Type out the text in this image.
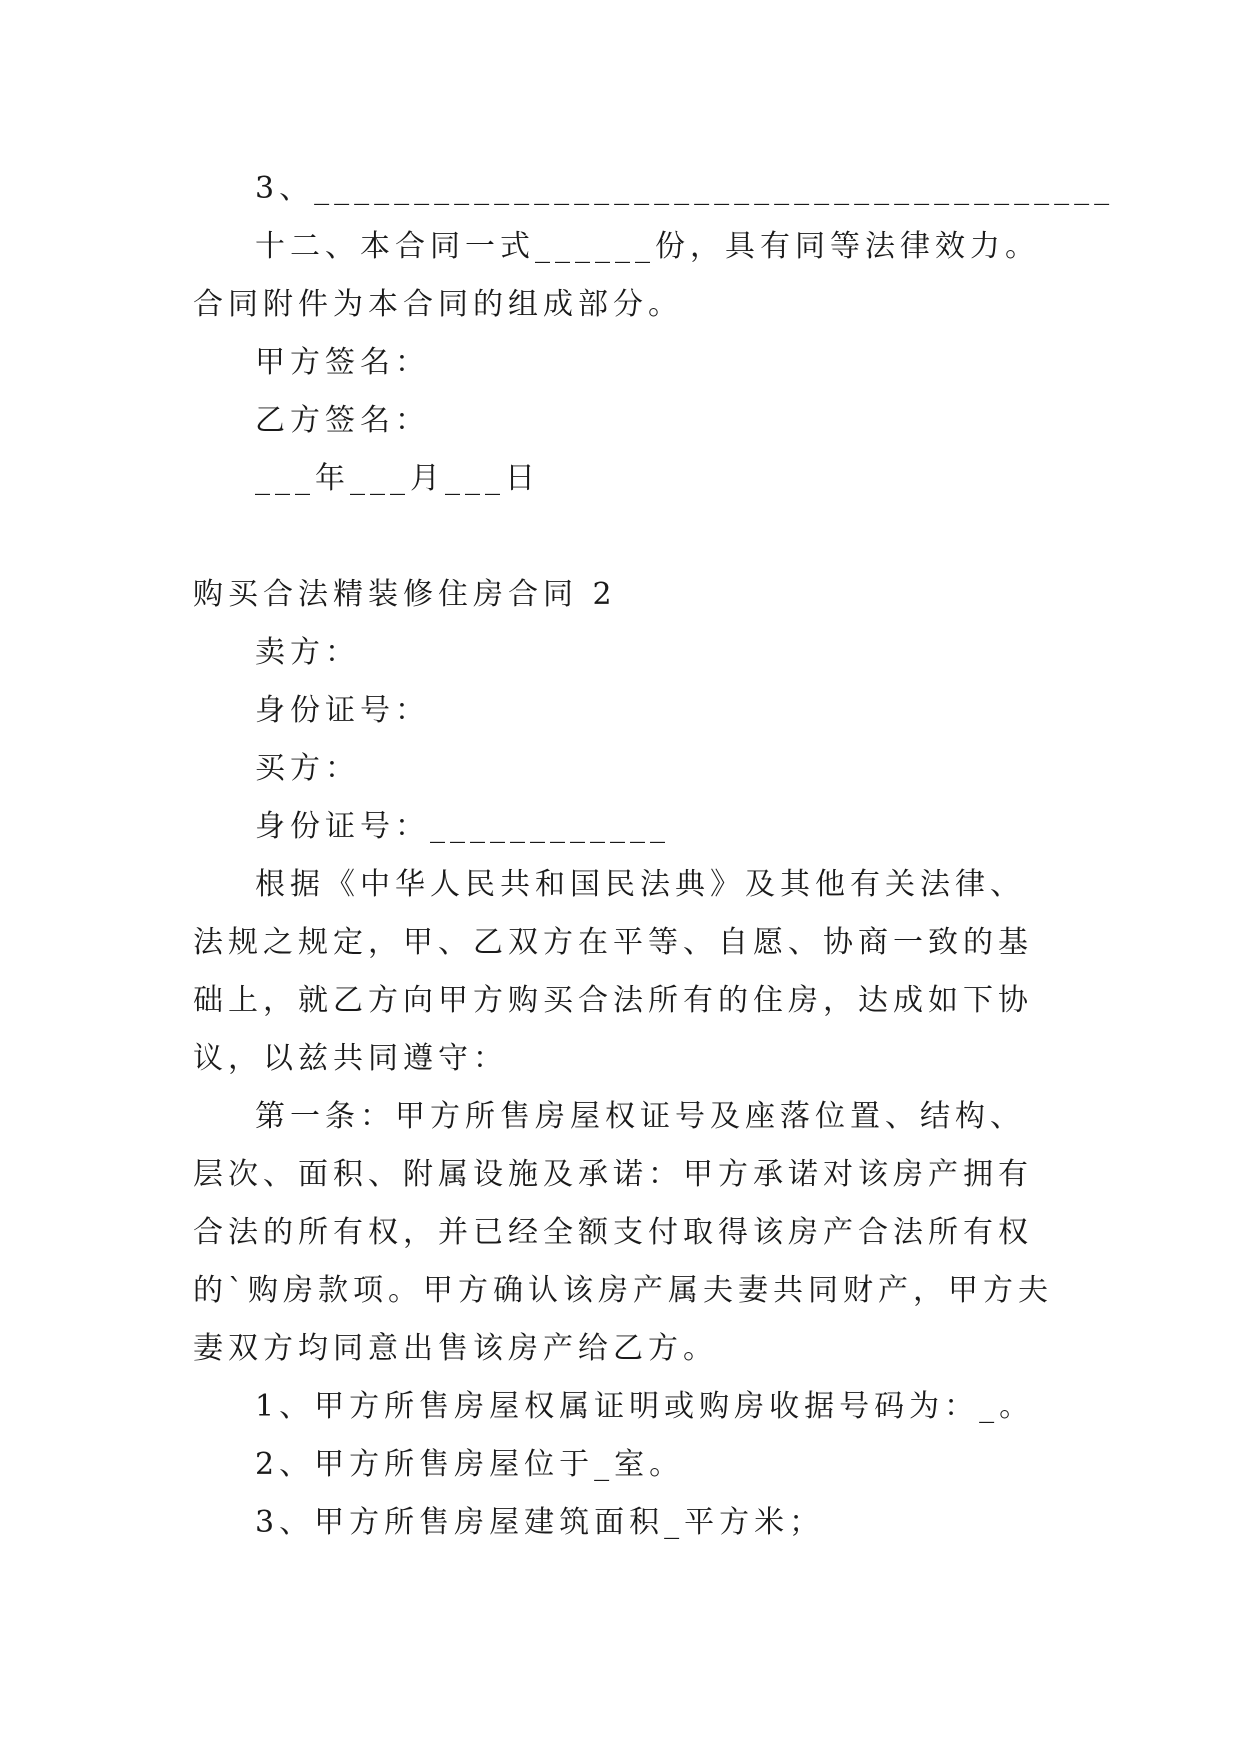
3、________________________________________

十二、本合同一式______份，具有同等法律效力。合同附件为本合同的组成部分。

甲方签名：
乙方签名：
___年___月___日
购买合法精装修住房合同 2
卖方：
身份证号：
买方：
身份证号：____________

根据《中华人民共和国民法典》及其他有关法律、法规之规定，甲、乙双方在平等、自愿、协商一致的基础上，就乙方向甲方购买合法所有的住房，达成如下协议，以兹共同遵守：

第一条：甲方所售房屋权证号及座落位置、结构、层次、面积、附属设施及承诺：甲方承诺对该房产拥有合法的所有权，并已经全额支付取得该房产合法所有权的`购房款项。甲方确认该房产属夫妻共同财产，甲方夫妻双方均同意出售该房产给乙方。

1、甲方所售房屋权属证明或购房收据号码为：_。
2、甲方所售房屋位于_室。
3、甲方所售房屋建筑面积_平方米；
